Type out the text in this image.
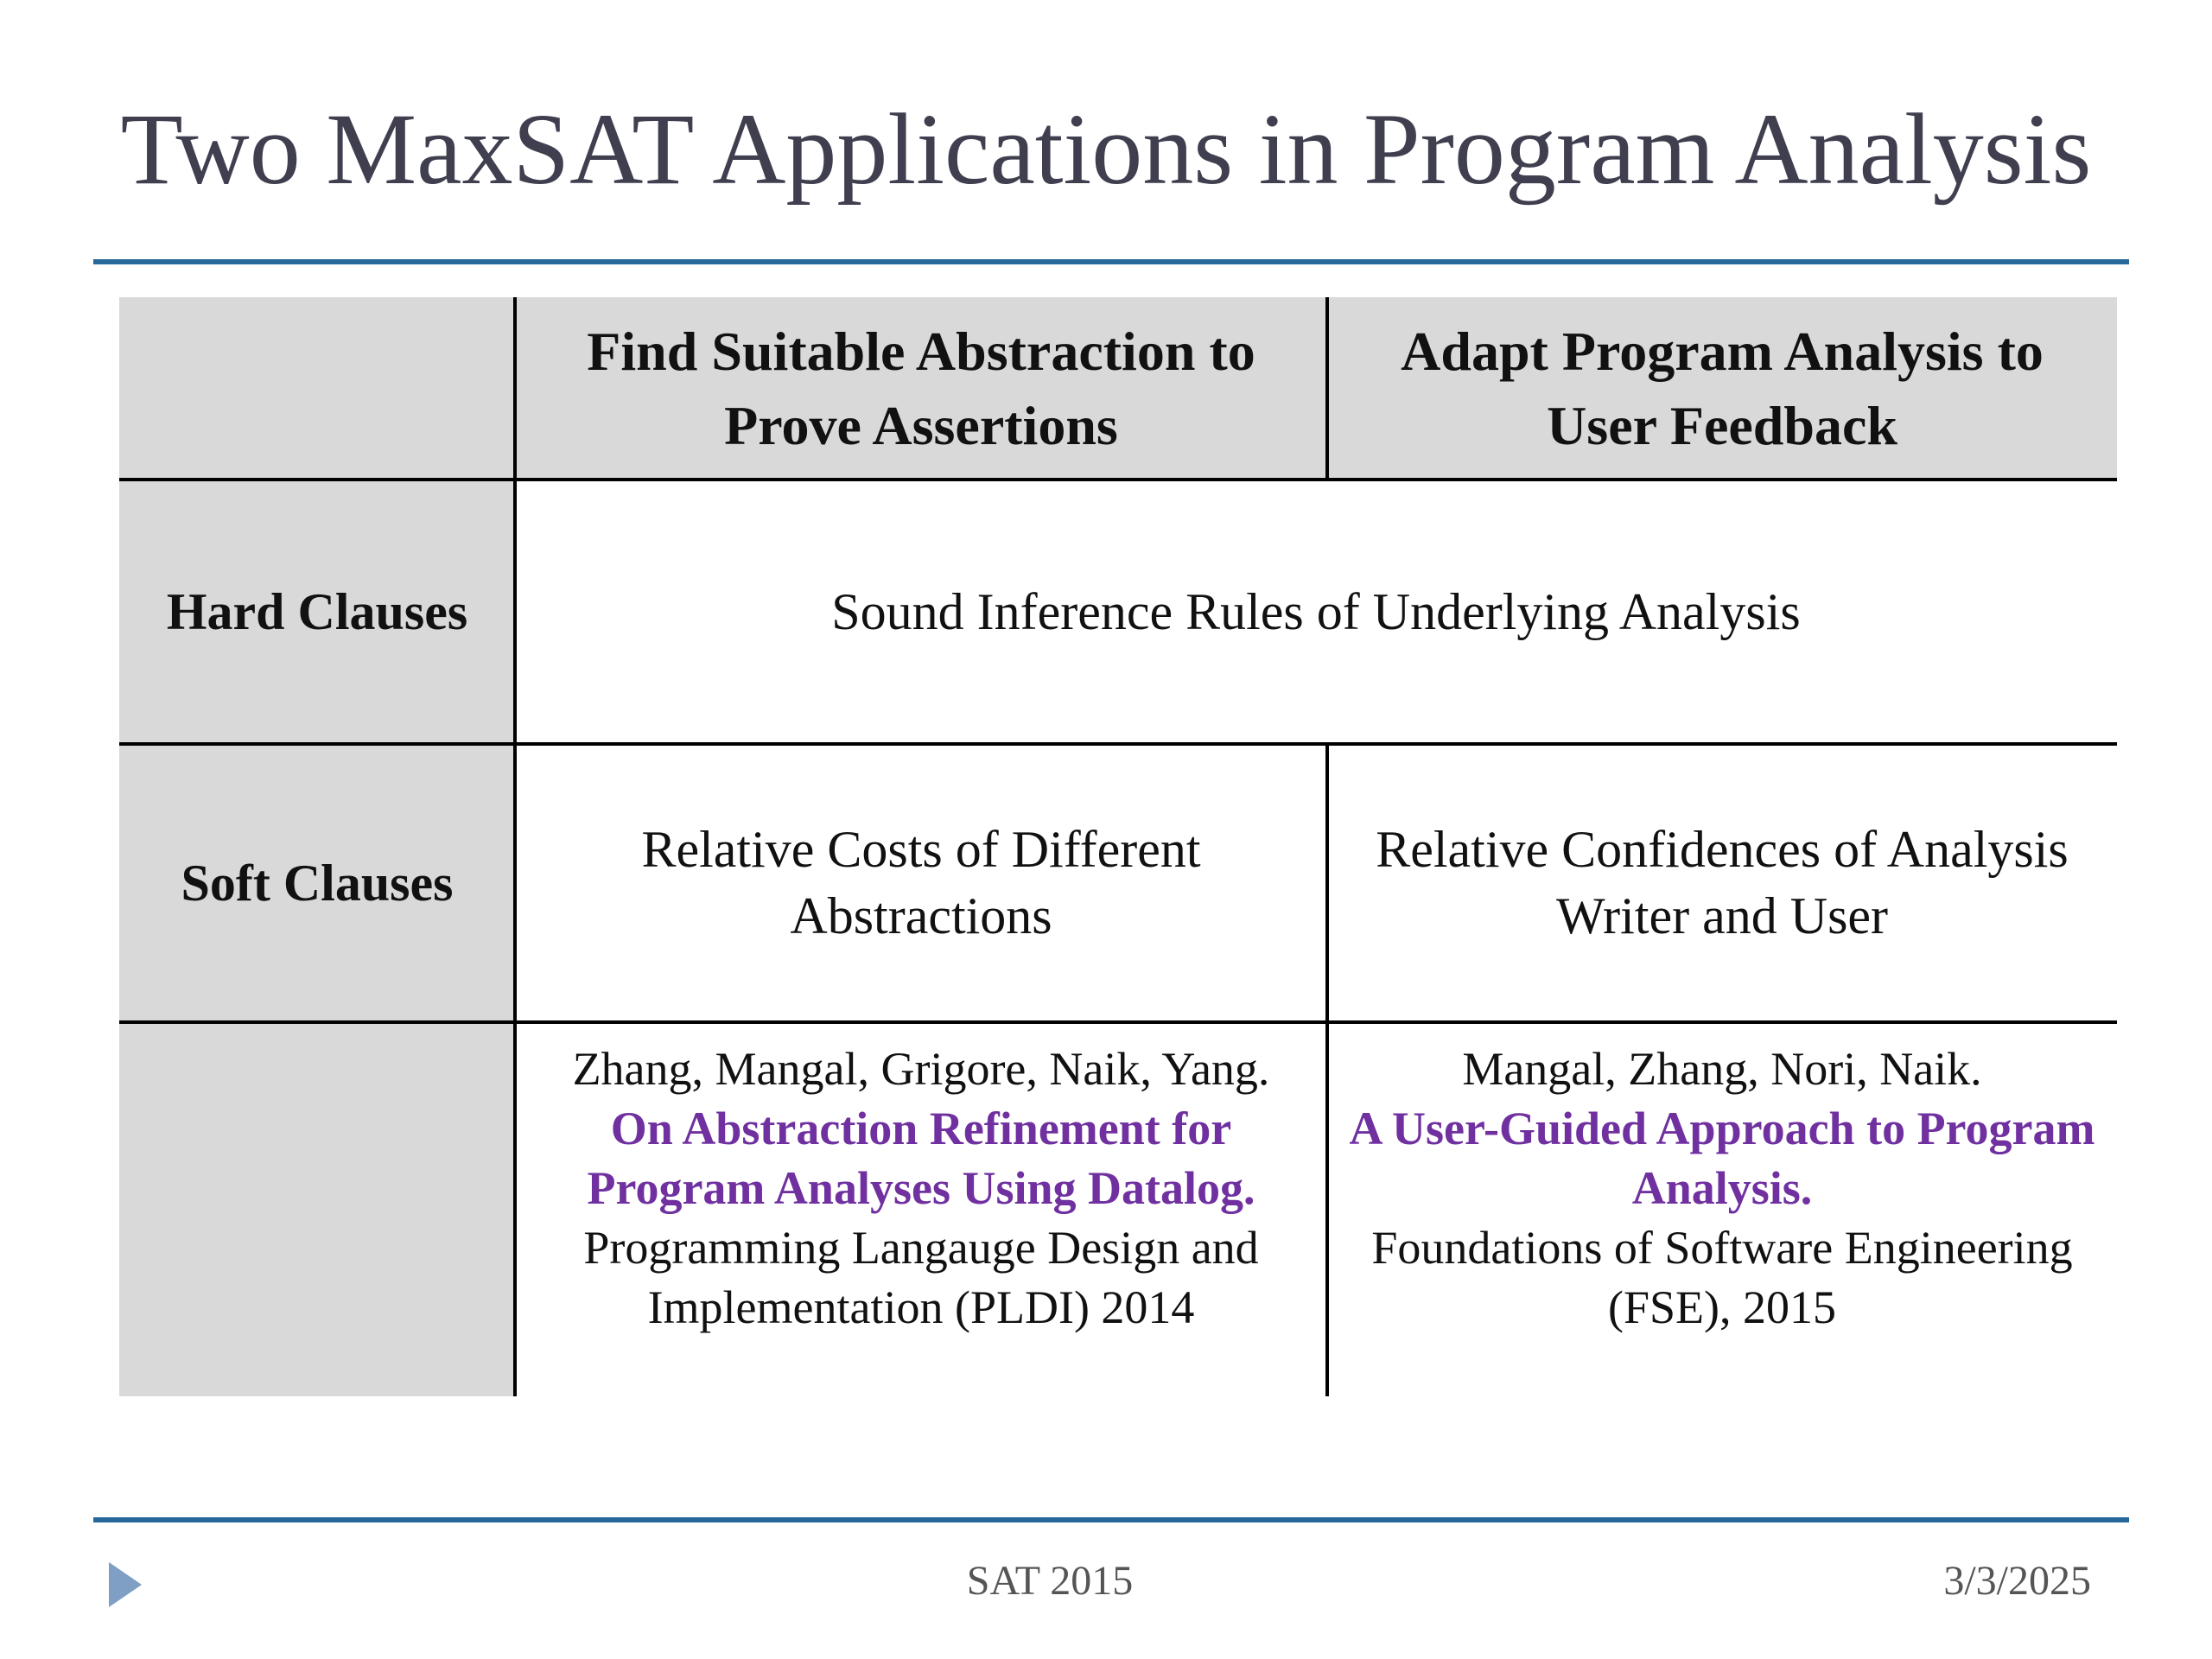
Two MaxSAT Applications in Program Analysis
Find Suitable Abstraction to Prove Assertions
Adapt Program Analysis to User Feedback
Hard Clauses
Soft Clauses
Sound Inference Rules of Underlying Analysis
Relative Costs of Different Abstractions
Relative Confidences of Analysis Writer and User
Zhang, Mangal, Grigore, Naik, Yang.
On Abstraction Refinement for Program Analyses Using Datalog.
Programming Langauge Design and Implementation (PLDI) 2014
Mangal, Zhang, Nori, Naik.
A User-Guided Approach to Program Analysis.
Foundations of Software Engineering (FSE), 2015
SAT 2015	3/3/2025
